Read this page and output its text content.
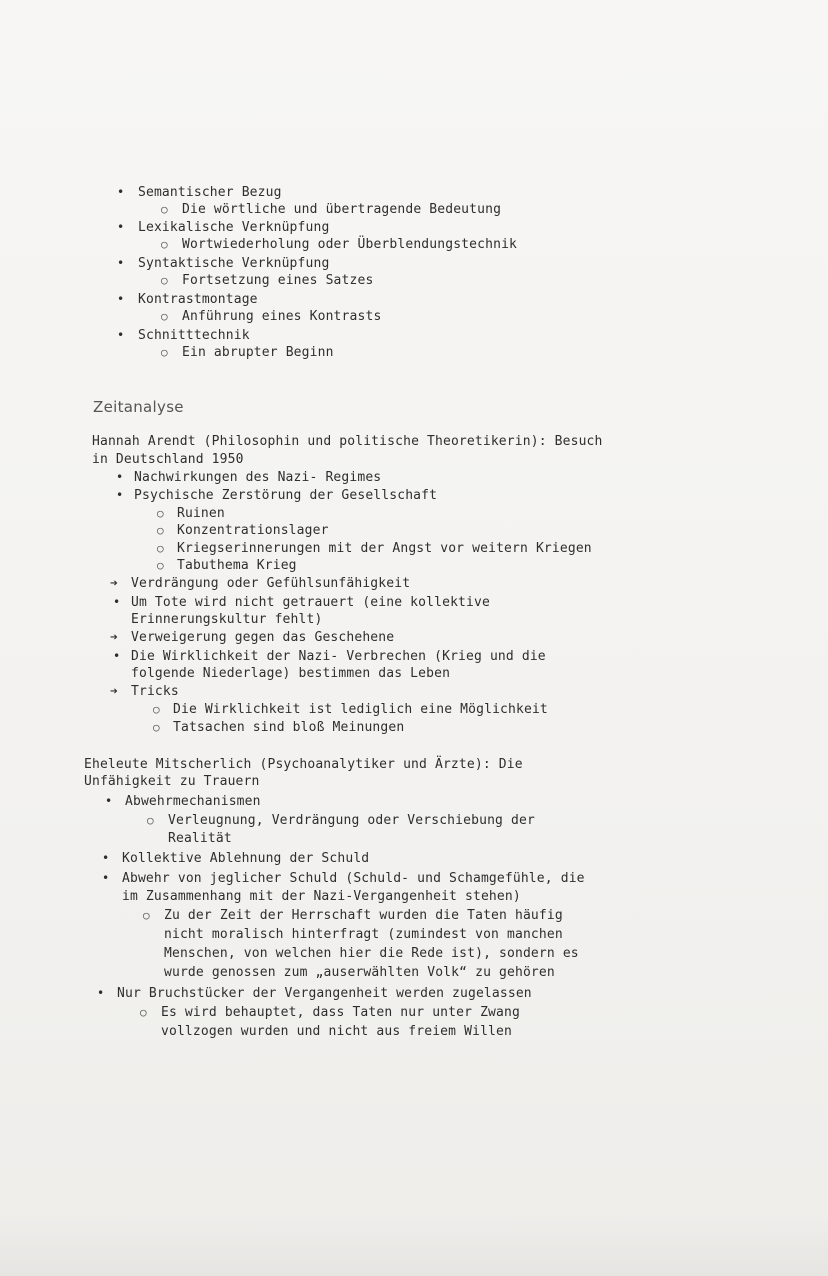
• Semantischer Bezug
○ Die wörtliche und übertragende Bedeutung
• Lexikalische Verknüpfung
○ Wortwiederholung oder Überblendungstechnik
• Syntaktische Verknüpfung
○ Fortsetzung eines Satzes
• Kontrastmontage
○ Anführung eines Kontrasts
• Schnitttechnik
○ Ein abrupter Beginn
Zeitanalyse
Hannah Arendt (Philosophin und politische Theoretikerin): Besuch
in Deutschland 1950
• Nachwirkungen des Nazi- Regimes
• Psychische Zerstörung der Gesellschaft
○ Ruinen
○ Konzentrationslager
○ Kriegserinnerungen mit der Angst vor weitern Kriegen
○ Tabuthema Krieg
➔ Verdrängung oder Gefühlsunfähigkeit
• Um Tote wird nicht getrauert (eine kollektive
Erinnerungskultur fehlt)
➔ Verweigerung gegen das Geschehene
• Die Wirklichkeit der Nazi- Verbrechen (Krieg und die
folgende Niederlage) bestimmen das Leben
➔ Tricks
○ Die Wirklichkeit ist lediglich eine Möglichkeit
○ Tatsachen sind bloß Meinungen
Eheleute Mitscherlich (Psychoanalytiker und Ärzte): Die
Unfähigkeit zu Trauern
• Abwehrmechanismen
○ Verleugnung, Verdrängung oder Verschiebung der
Realität
• Kollektive Ablehnung der Schuld
• Abwehr von jeglicher Schuld (Schuld- und Schamgefühle, die
im Zusammenhang mit der Nazi-Vergangenheit stehen)
○ Zu der Zeit der Herrschaft wurden die Taten häufig
nicht moralisch hinterfragt (zumindest von manchen
Menschen, von welchen hier die Rede ist), sondern es
wurde genossen zum „auserwählten Volk“ zu gehören
• Nur Bruchstücker der Vergangenheit werden zugelassen
○ Es wird behauptet, dass Taten nur unter Zwang
vollzogen wurden und nicht aus freiem Willen
